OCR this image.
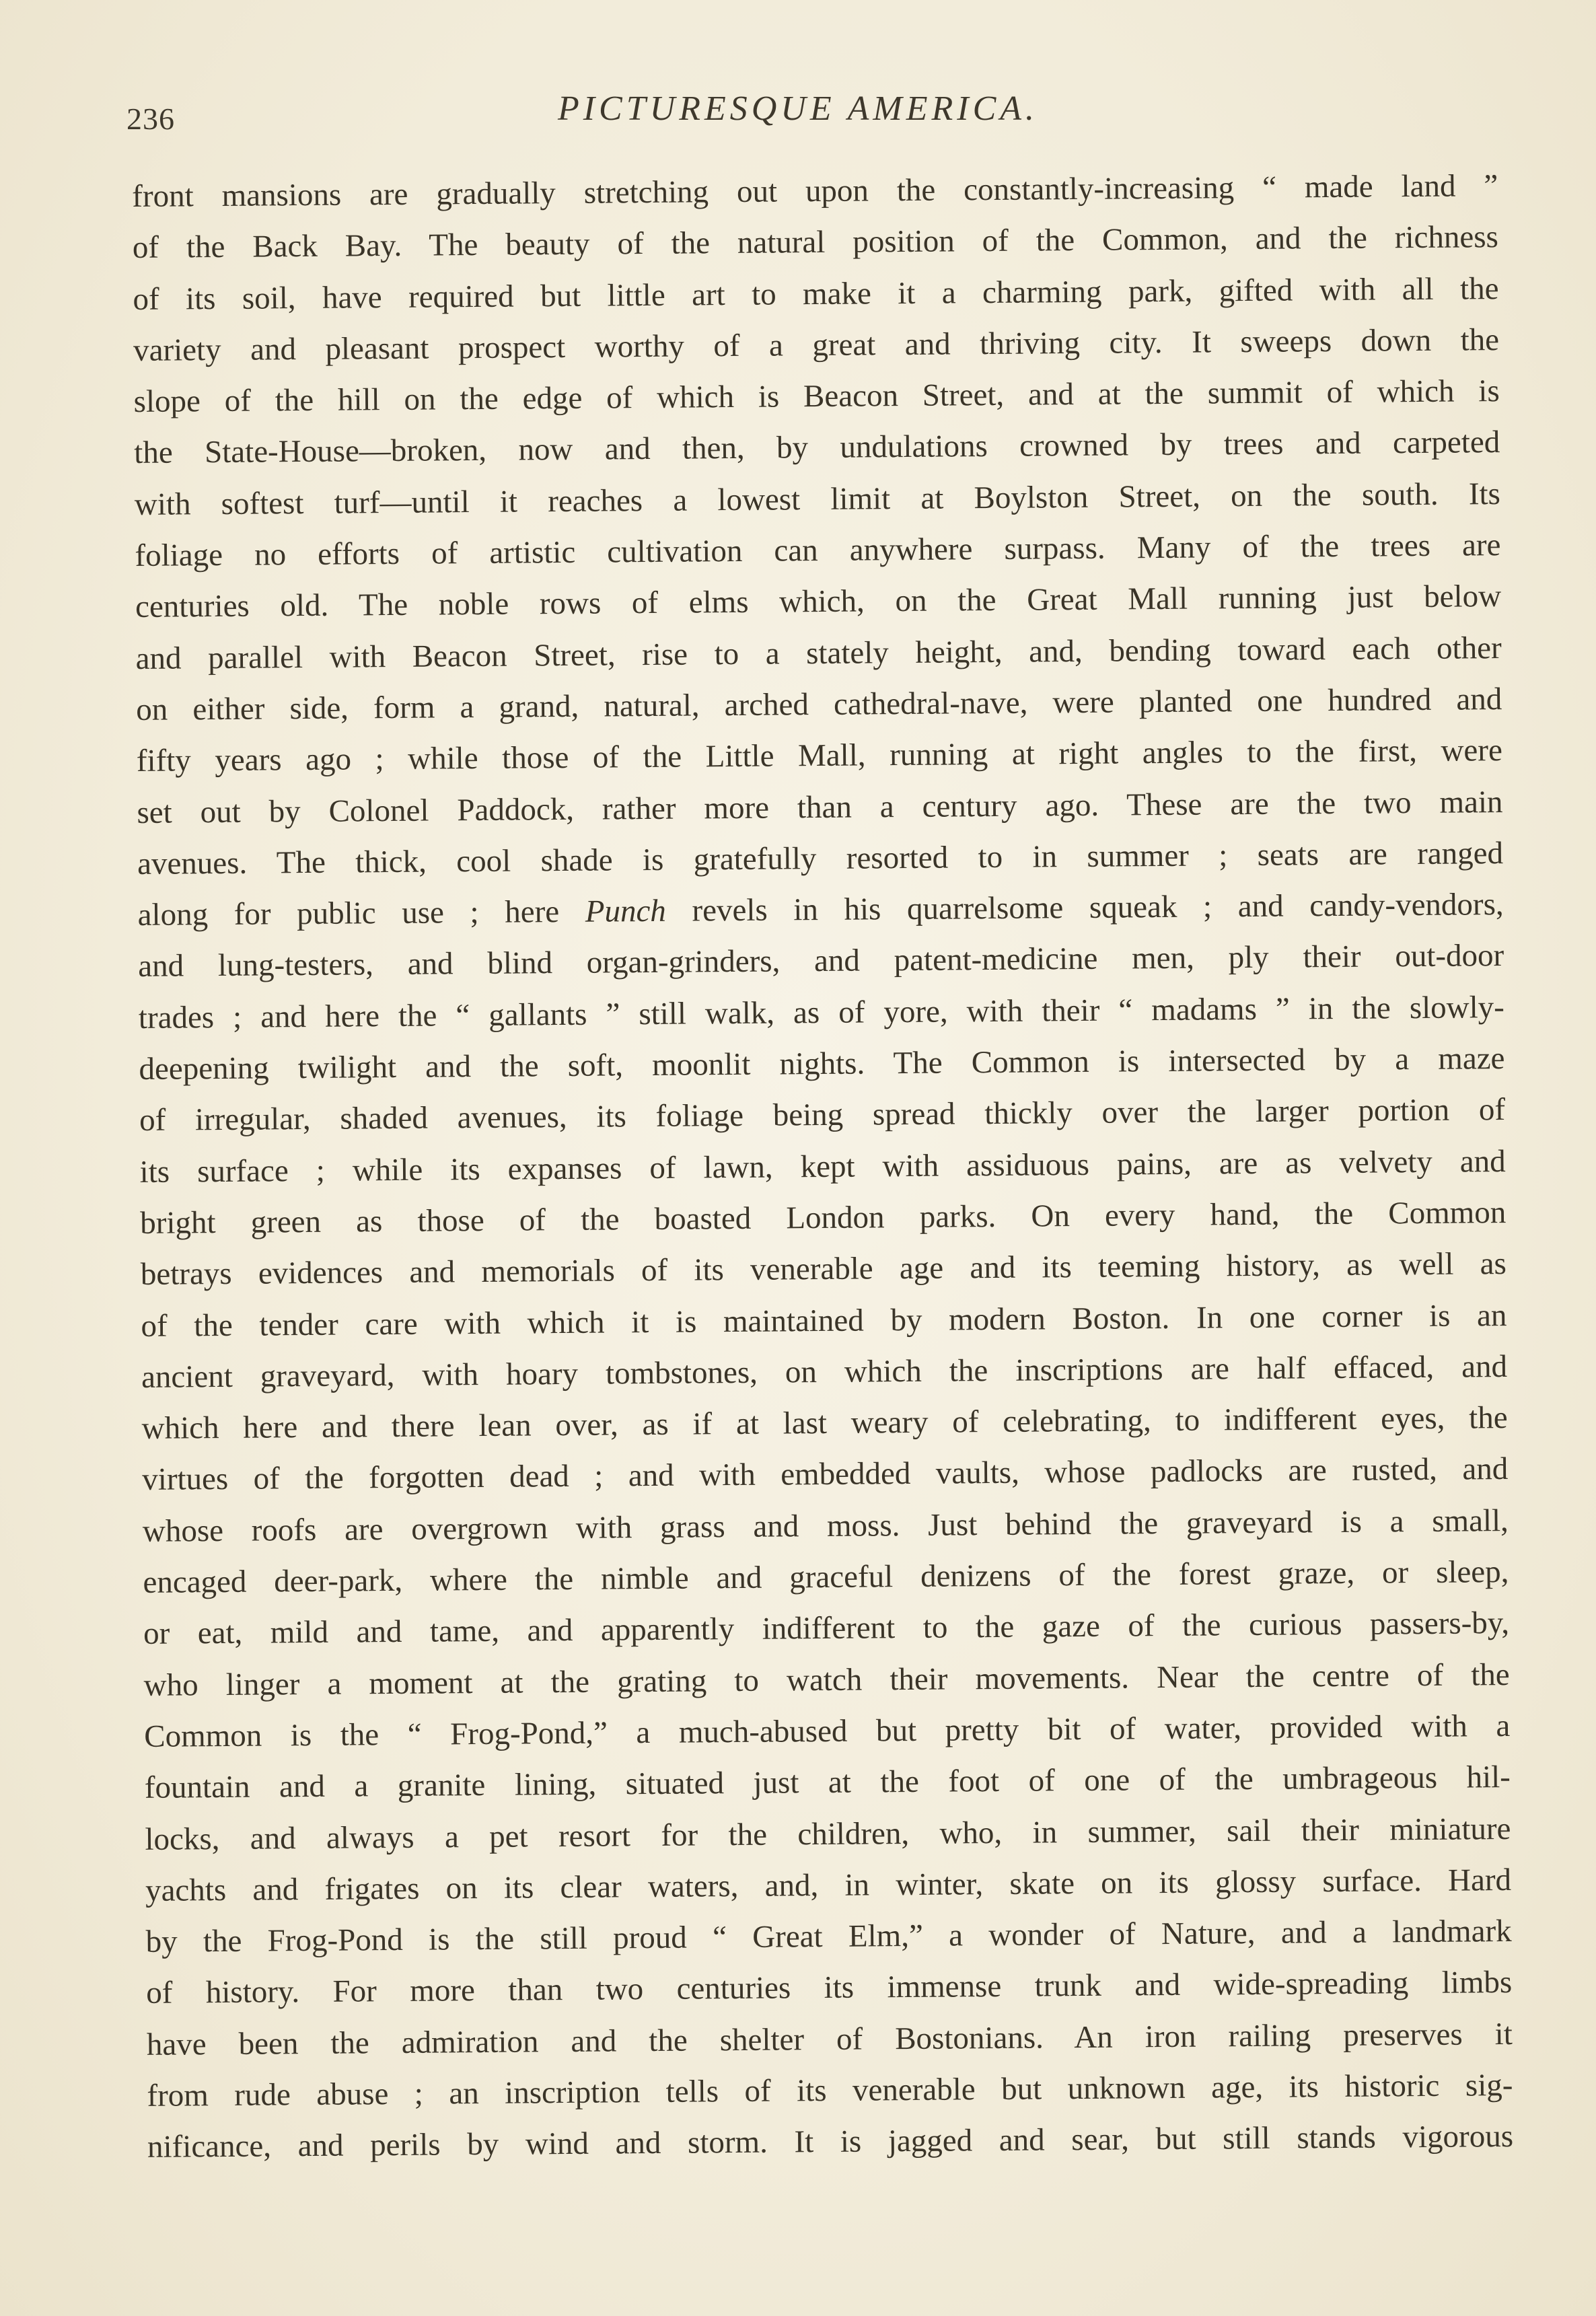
236	PICTURESQUE AMERICA.
front mansions are gradually stretching out upon the constantly-increasing “ made land ”
of the Back Bay. The beauty of the natural position of the Common, and the richness
of its soil, have required but little art to make it a charming park, gifted with all the
variety and pleasant prospect worthy of a great and thriving city. It sweeps down the
slope of the hill on the edge of which is Beacon Street, and at the summit of which is
the State-House—broken, now and then, by undulations crowned by trees and carpeted
with softest turf—until it reaches a lowest limit at Boylston Street, on the south. Its
foliage no efforts of artistic cultivation can anywhere surpass. Many of the trees are
centuries old. The noble rows of elms which, on the Great Mall running just below
and parallel with Beacon Street, rise to a stately height, and, bending toward each other
on either side, form a grand, natural, arched cathedral-nave, were planted one hundred and
fifty years ago ; while those of the Little Mall, running at right angles to the first, were
set out by Colonel Paddock, rather more than a century ago. These are the two main
avenues. The thick, cool shade is gratefully resorted to in summer ; seats are ranged
along for public use ; here Punch revels in his quarrelsome squeak ; and candy-vendors,
and lung-testers, and blind organ-grinders, and patent-medicine men, ply their out-door
trades ; and here the “ gallants ” still walk, as of yore, with their “ madams ” in the slowly-
deepening twilight and the soft, moonlit nights. The Common is intersected by a maze
of irregular, shaded avenues, its foliage being spread thickly over the larger portion of
its surface ; while its expanses of lawn, kept with assiduous pains, are as velvety and
bright green as those of the boasted London parks. On every hand, the Common
betrays evidences and memorials of its venerable age and its teeming history, as well as
of the tender care with which it is maintained by modern Boston. In one corner is an
ancient graveyard, with hoary tombstones, on which the inscriptions are half effaced, and
which here and there lean over, as if at last weary of celebrating, to indifferent eyes, the
virtues of the forgotten dead ; and with embedded vaults, whose padlocks are rusted, and
whose roofs are overgrown with grass and moss. Just behind the graveyard is a small,
encaged deer-park, where the nimble and graceful denizens of the forest graze, or sleep,
or eat, mild and tame, and apparently indifferent to the gaze of the curious passers-by,
who linger a moment at the grating to watch their movements. Near the centre of the
Common is the “ Frog-Pond,” a much-abused but pretty bit of water, provided with a
fountain and a granite lining, situated just at the foot of one of the umbrageous hil-
locks, and always a pet resort for the children, who, in summer, sail their miniature
yachts and frigates on its clear waters, and, in winter, skate on its glossy surface. Hard
by the Frog-Pond is the still proud “ Great Elm,” a wonder of Nature, and a landmark
of history. For more than two centuries its immense trunk and wide-spreading limbs
have been the admiration and the shelter of Bostonians. An iron railing preserves it
from rude abuse ; an inscription tells of its venerable but unknown age, its historic sig-
nificance, and perils by wind and storm. It is jagged and sear, but still stands vigorous
